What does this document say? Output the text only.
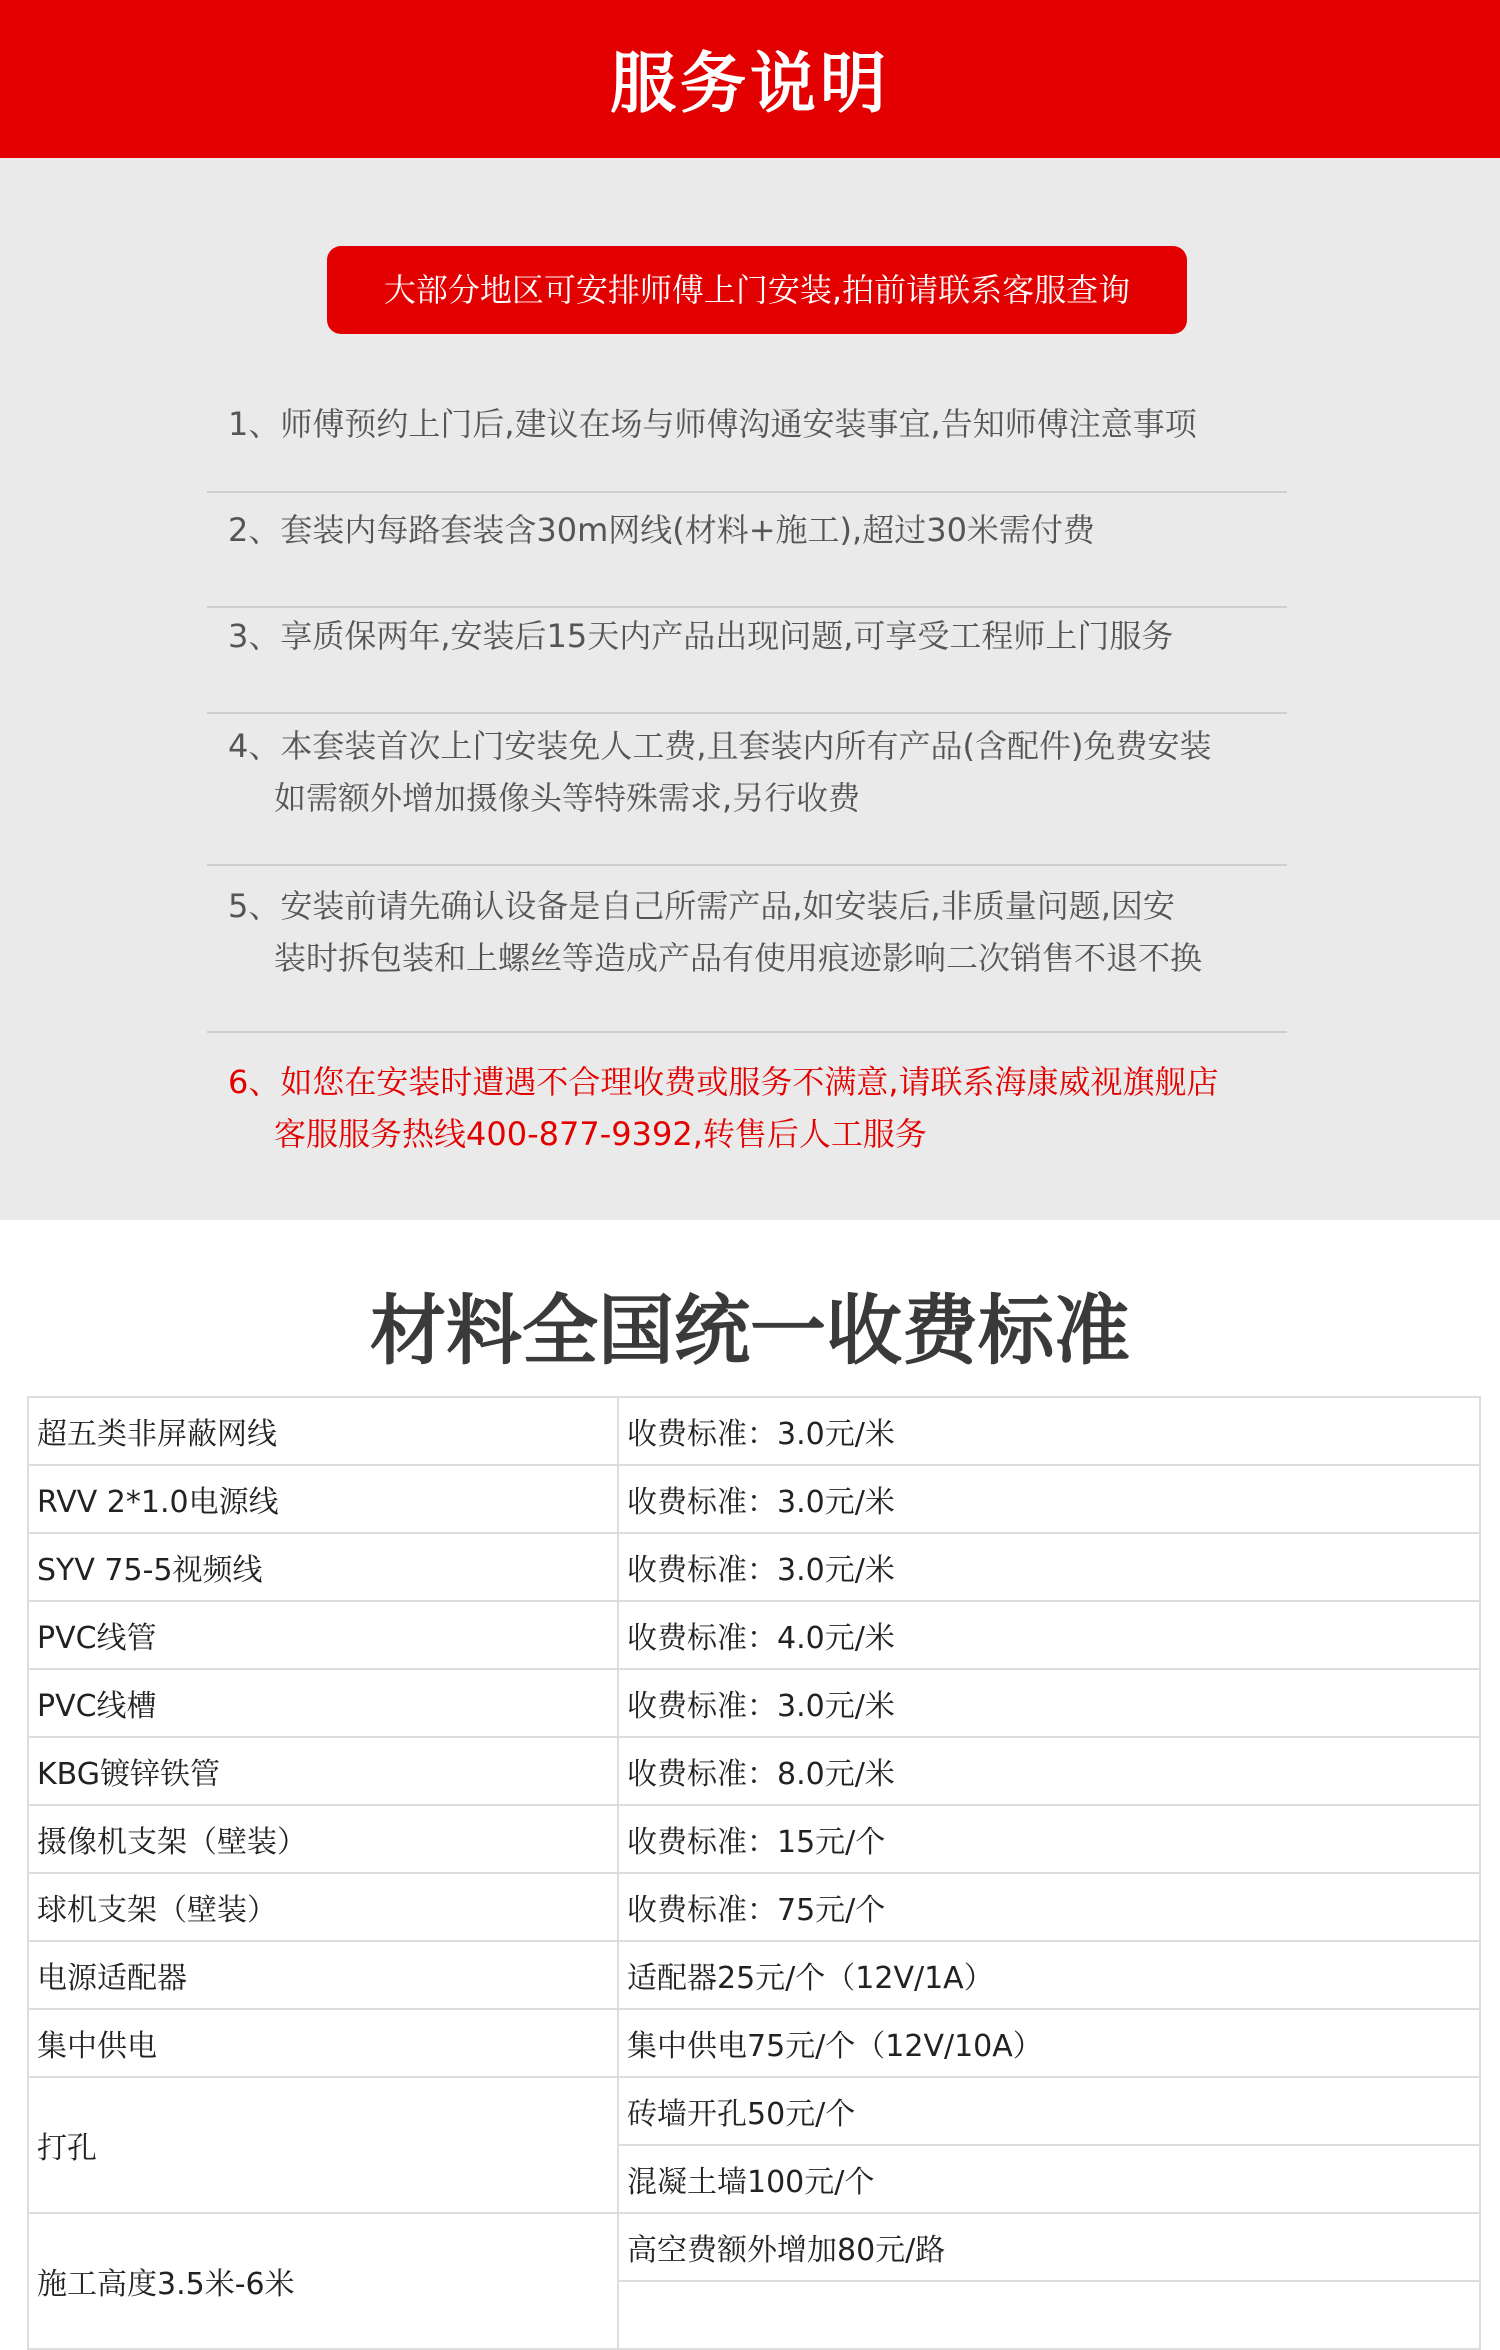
服务说明
大部分地区可安排师傅上门安装,拍前请联系客服查询
1、师傅预约上门后,建议在场与师傅沟通安装事宜,告知师傅注意事项
2、套装内每路套装含30m网线(材料+施工),超过30米需付费
3、享质保两年,安装后15天内产品出现问题,可享受工程师上门服务
4、本套装首次上门安装免人工费,且套装内所有产品(含配件)免费安装
如需额外增加摄像头等特殊需求,另行收费
5、安装前请先确认设备是自己所需产品,如安装后,非质量问题,因安
装时拆包装和上螺丝等造成产品有使用痕迹影响二次销售不退不换
6、如您在安装时遭遇不合理收费或服务不满意,请联系海康威视旗舰店
客服服务热线400-877-9392,转售后人工服务
材料全国统一收费标准
超五类非屏蔽网线	收费标准：3.0元/米
RVV 2*1.0电源线	收费标准：3.0元/米
SYV 75-5视频线	收费标准：3.0元/米
PVC线管	收费标准：4.0元/米
PVC线槽	收费标准：3.0元/米
KBG镀锌铁管	收费标准：8.0元/米
摄像机支架（壁装）	收费标准：15元/个
球机支架（壁装）	收费标准：75元/个
电源适配器	适配器25元/个（12V/1A）
集中供电	集中供电75元/个（12V/10A）
打孔	砖墙开孔50元/个
	混凝土墙100元/个
施工高度3.5米-6米	高空费额外增加80元/路
